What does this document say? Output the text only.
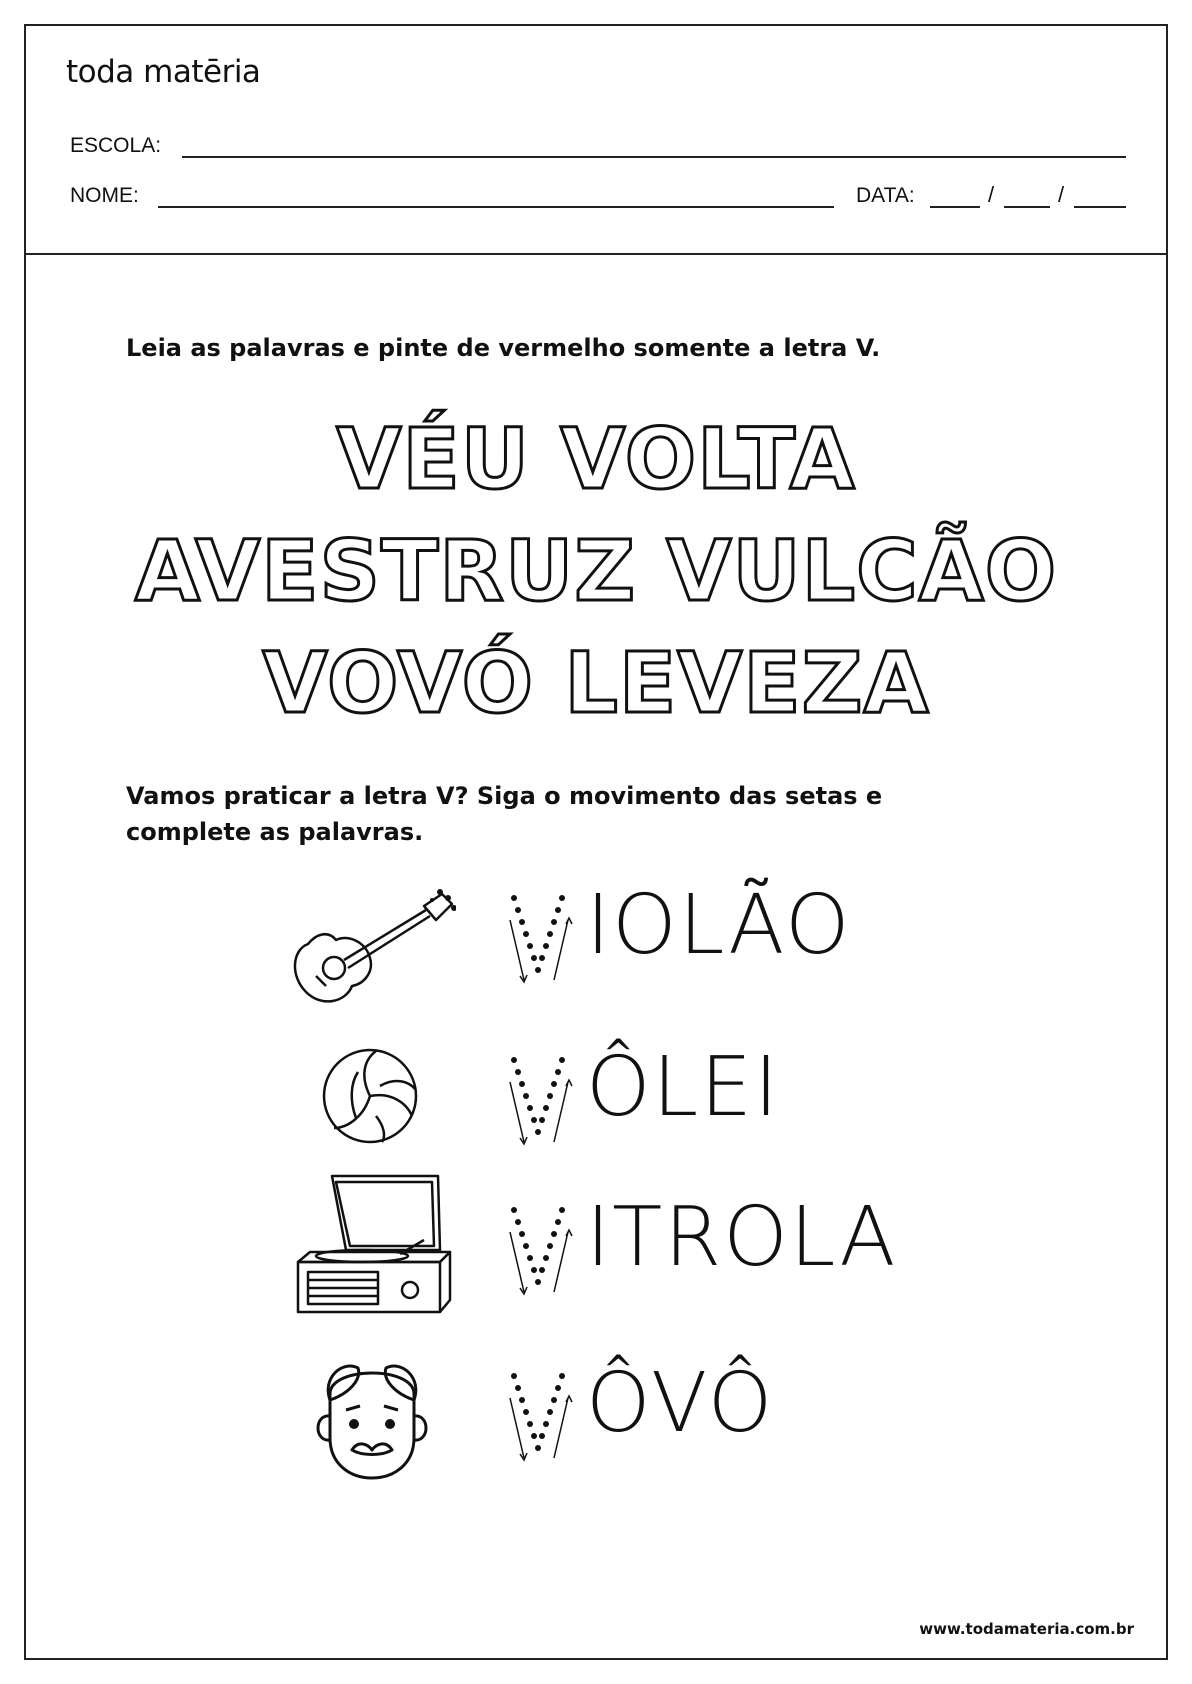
toda matēria
ESCOLA:
NOME:	DATA:	/	/
Leia as palavras e pinte de vermelho somente a letra V.
VÉU VOLTA
AVESTRUZ VULCÃO
VOVÓ LEVEZA
Vamos praticar a letra V? Siga o movimento das setas e complete as palavras.
IOLÃO
ÔLEI
ITROLA
ÔVÔ
www.todamateria.com.br
